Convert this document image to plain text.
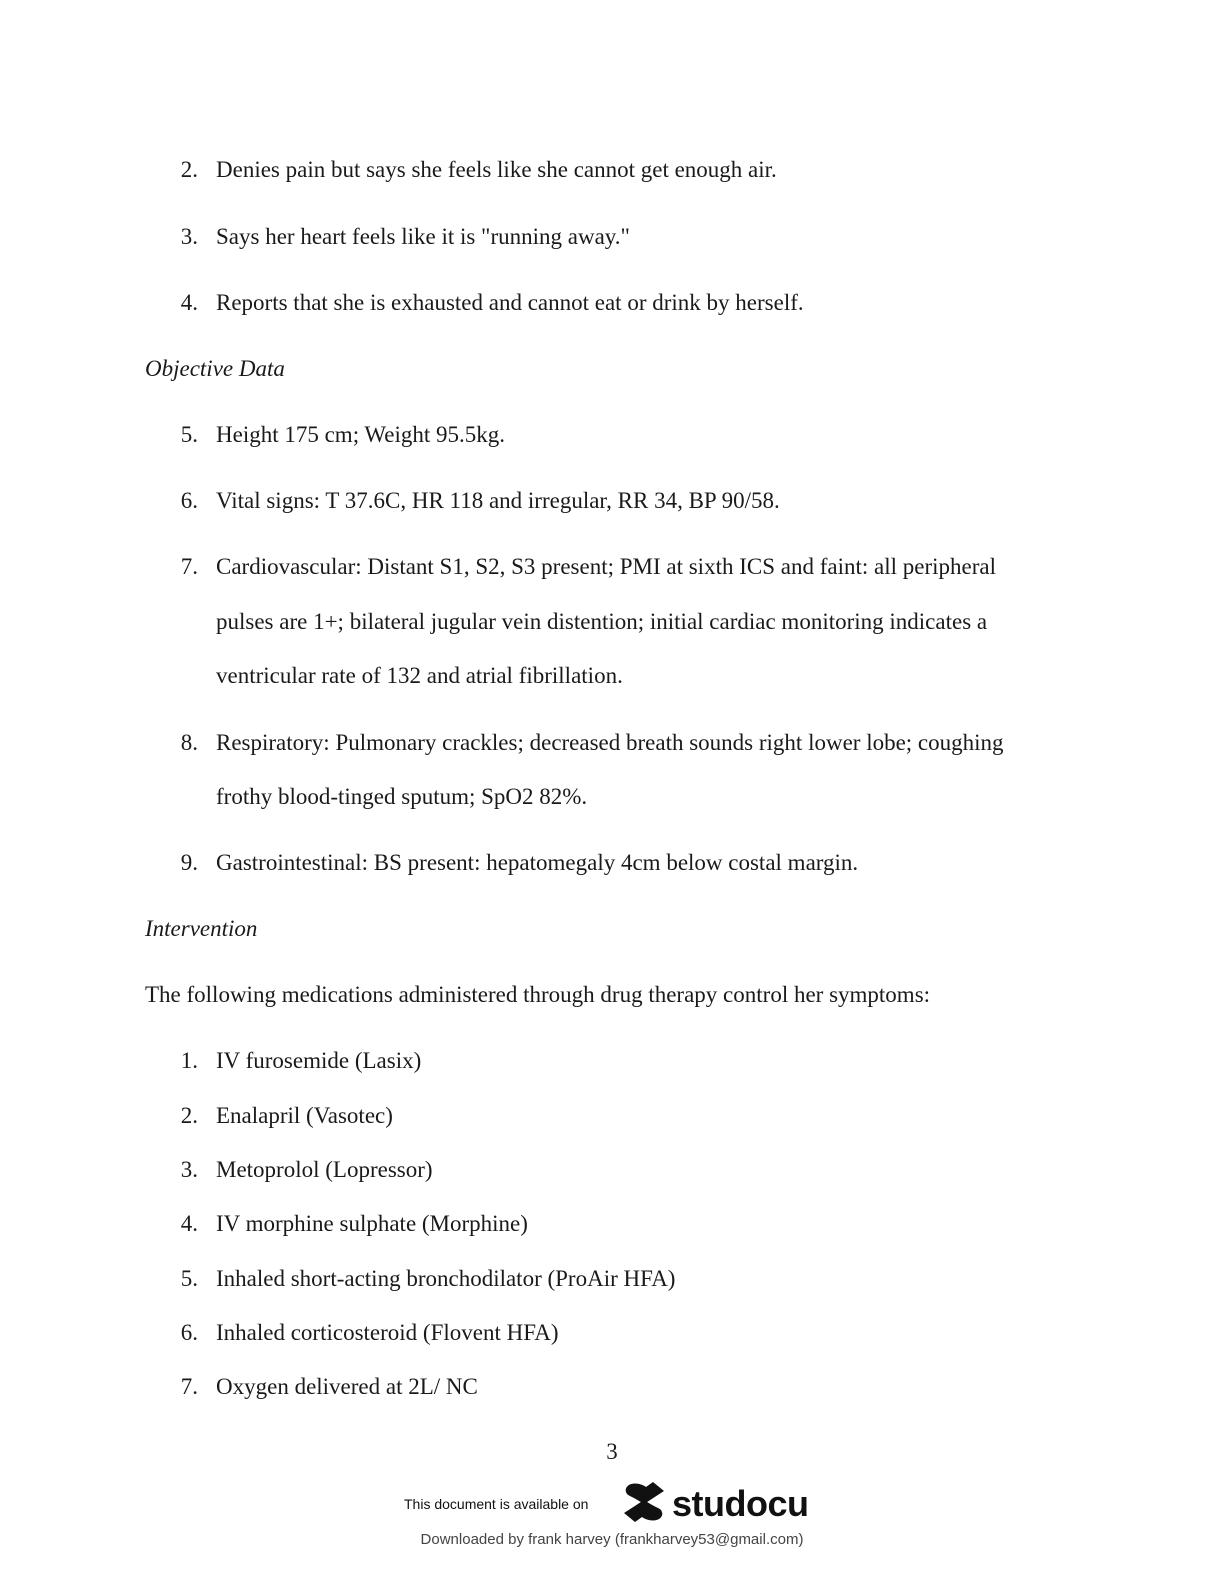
2. Denies pain but says she feels like she cannot get enough air.
3. Says her heart feels like it is "running away."
4. Reports that she is exhausted and cannot eat or drink by herself.
Objective Data
5. Height 175 cm; Weight 95.5kg.
6. Vital signs: T 37.6C, HR 118 and irregular, RR 34, BP 90/58.
7. Cardiovascular: Distant S1, S2, S3 present; PMI at sixth ICS and faint: all peripheral
pulses are 1+; bilateral jugular vein distention; initial cardiac monitoring indicates a
ventricular rate of 132 and atrial fibrillation.
8. Respiratory: Pulmonary crackles; decreased breath sounds right lower lobe; coughing
frothy blood-tinged sputum; SpO2 82%.
9. Gastrointestinal: BS present: hepatomegaly 4cm below costal margin.
Intervention
The following medications administered through drug therapy control her symptoms:
1. IV furosemide (Lasix)
2. Enalapril (Vasotec)
3. Metoprolol (Lopressor)
4. IV morphine sulphate (Morphine)
5. Inhaled short-acting bronchodilator (ProAir HFA)
6. Inhaled corticosteroid (Flovent HFA)
7. Oxygen delivered at 2L/ NC
3
This document is available on studocu
Downloaded by frank harvey (frankharvey53@gmail.com)
